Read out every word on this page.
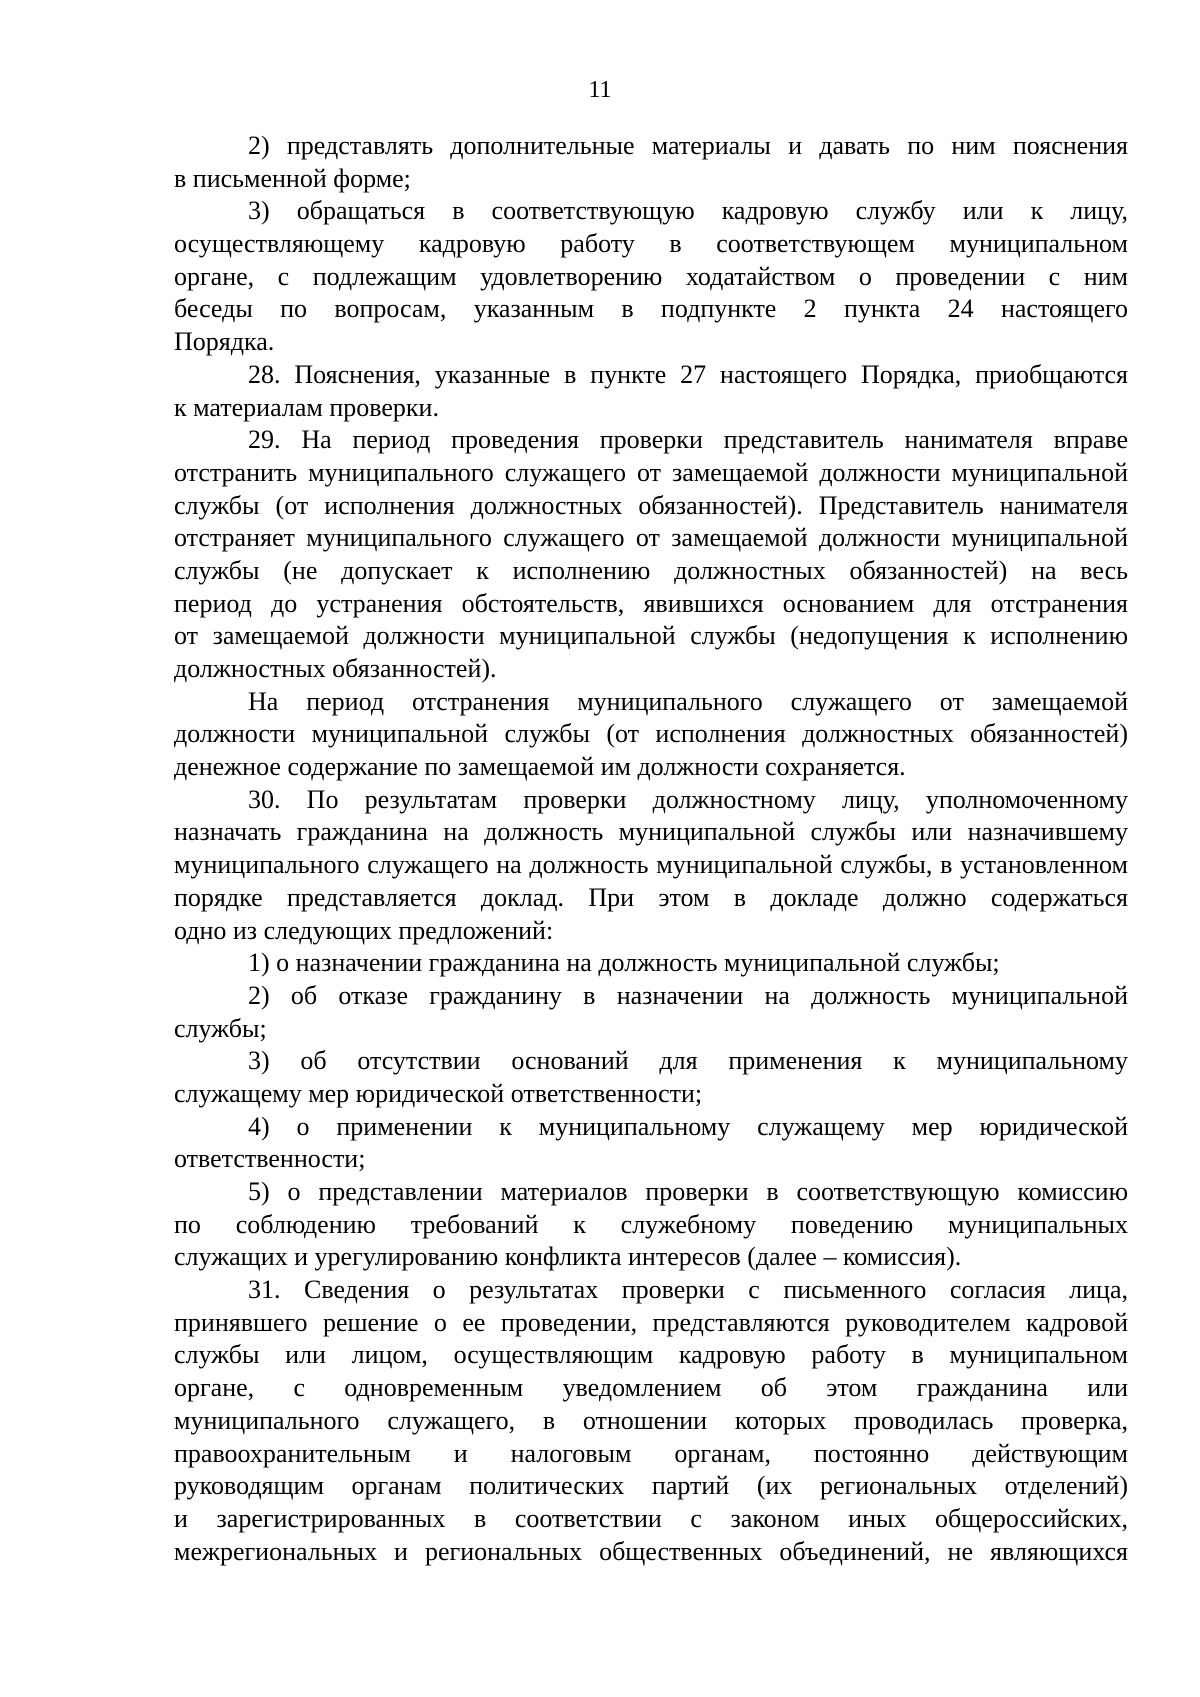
11

2) представлять дополнительные материалы и давать по ним пояснения
в письменной форме;
3) обращаться в соответствующую кадровую службу или к лицу,
осуществляющему кадровую работу в соответствующем муниципальном
органе, с подлежащим удовлетворению ходатайством о проведении с ним
беседы по вопросам, указанным в подпункте 2 пункта 24 настоящего
Порядка.
28. Пояснения, указанные в пункте 27 настоящего Порядка, приобщаются
к материалам проверки.
29. На период проведения проверки представитель нанимателя вправе
отстранить муниципального служащего от замещаемой должности муниципальной
службы (от исполнения должностных обязанностей). Представитель нанимателя
отстраняет муниципального служащего от замещаемой должности муниципальной
службы (не допускает к исполнению должностных обязанностей) на весь
период до устранения обстоятельств, явившихся основанием для отстранения
от замещаемой должности муниципальной службы (недопущения к исполнению
должностных обязанностей).
На период отстранения муниципального служащего от замещаемой
должности муниципальной службы (от исполнения должностных обязанностей)
денежное содержание по замещаемой им должности сохраняется.
30. По результатам проверки должностному лицу, уполномоченному
назначать гражданина на должность муниципальной службы или назначившему
муниципального служащего на должность муниципальной службы, в установленном
порядке представляется доклад. При этом в докладе должно содержаться
одно из следующих предложений:
1) о назначении гражданина на должность муниципальной службы;
2) об отказе гражданину в назначении на должность муниципальной
службы;
3) об отсутствии оснований для применения к муниципальному
служащему мер юридической ответственности;
4) о применении к муниципальному служащему мер юридической
ответственности;
5) о представлении материалов проверки в соответствующую комиссию
по соблюдению требований к служебному поведению муниципальных
служащих и урегулированию конфликта интересов (далее – комиссия).
31. Сведения о результатах проверки с письменного согласия лица,
принявшего решение о ее проведении, представляются руководителем кадровой
службы или лицом, осуществляющим кадровую работу в муниципальном
органе, с одновременным уведомлением об этом гражданина или
муниципального служащего, в отношении которых проводилась проверка,
правоохранительным и налоговым органам, постоянно действующим
руководящим органам политических партий (их региональных отделений)
и зарегистрированных в соответствии с законом иных общероссийских,
межрегиональных и региональных общественных объединений, не являющихся
